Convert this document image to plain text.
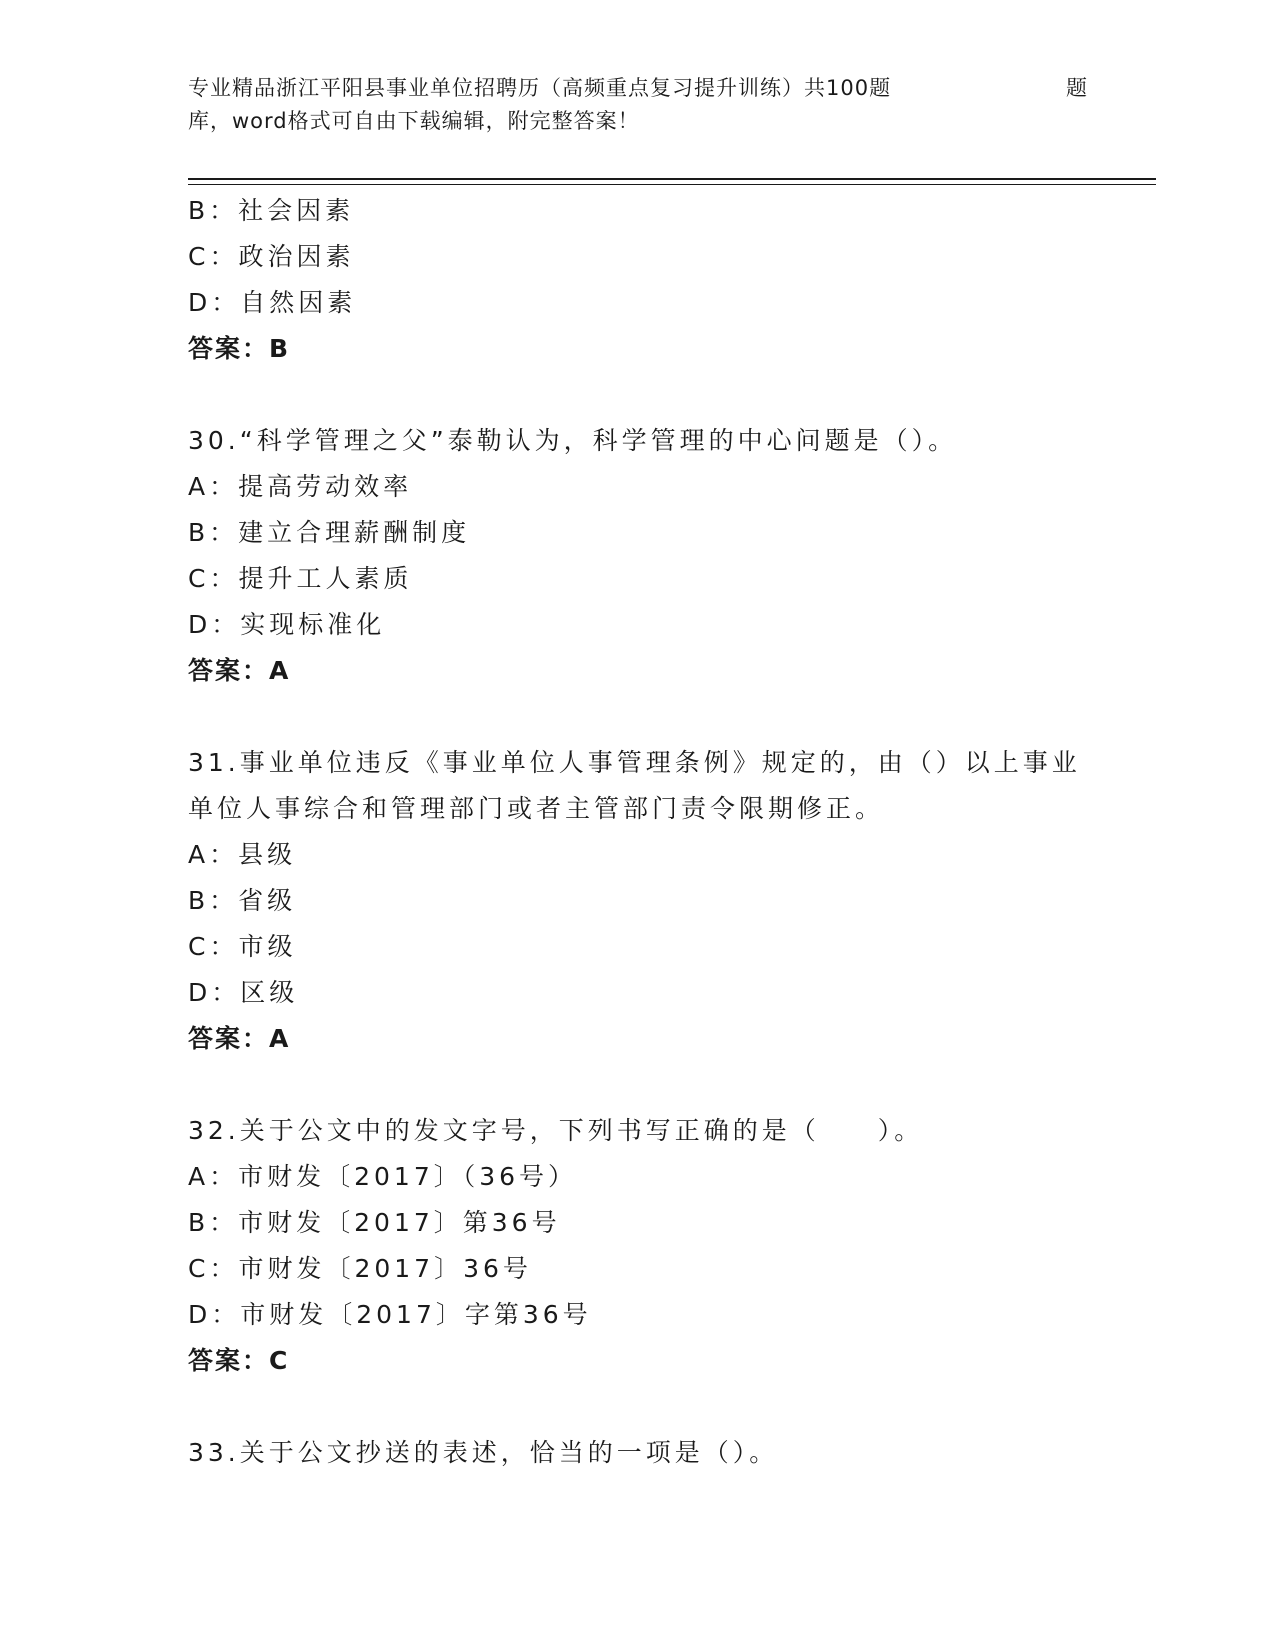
专业精品浙江平阳县事业单位招聘历（高频重点复习提升训练）共100题	题
库，word格式可自由下载编辑，附完整答案！
B：社会因素
C：政治因素
D：自然因素
答案：B
30.“科学管理之父”泰勒认为，科学管理的中心问题是（）。
A：提高劳动效率
B：建立合理薪酬制度
C：提升工人素质
D：实现标准化
答案：A
31.事业单位违反《事业单位人事管理条例》规定的，由（）以上事业
单位人事综合和管理部门或者主管部门责令限期修正。
A：县级
B：省级
C：市级
D：区级
答案：A
32.关于公文中的发文字号，下列书写正确的是（　　）。
A：市财发〔2017〕（36号）
B：市财发〔2017〕第36号
C：市财发〔2017〕36号
D：市财发〔2017〕字第36号
答案：C
33.关于公文抄送的表述，恰当的一项是（）。
